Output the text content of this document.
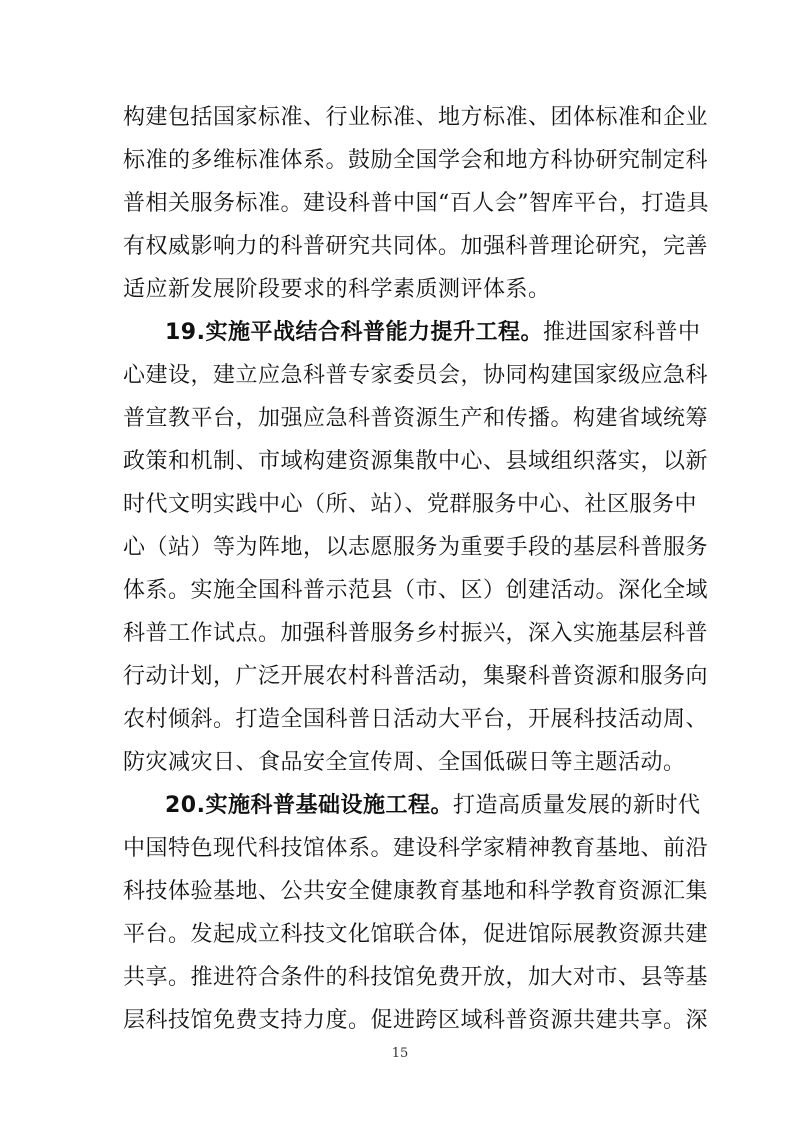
构建包括国家标准、行业标准、地方标准、团体标准和企业
标准的多维标准体系。鼓励全国学会和地方科协研究制定科
普相关服务标准。建设科普中国“百人会”智库平台，打造具
有权威影响力的科普研究共同体。加强科普理论研究，完善
适应新发展阶段要求的科学素质测评体系。
19.实施平战结合科普能力提升工程。推进国家科普中
心建设，建立应急科普专家委员会，协同构建国家级应急科
普宣教平台，加强应急科普资源生产和传播。构建省域统筹
政策和机制、市域构建资源集散中心、县域组织落实，以新
时代文明实践中心（所、站）、党群服务中心、社区服务中
心（站）等为阵地，以志愿服务为重要手段的基层科普服务
体系。实施全国科普示范县（市、区）创建活动。深化全域
科普工作试点。加强科普服务乡村振兴，深入实施基层科普
行动计划，广泛开展农村科普活动，集聚科普资源和服务向
农村倾斜。打造全国科普日活动大平台，开展科技活动周、
防灾减灾日、食品安全宣传周、全国低碳日等主题活动。
20.实施科普基础设施工程。打造高质量发展的新时代
中国特色现代科技馆体系。建设科学家精神教育基地、前沿
科技体验基地、公共安全健康教育基地和科学教育资源汇集
平台。发起成立科技文化馆联合体，促进馆际展教资源共建
共享。推进符合条件的科技馆免费开放，加大对市、县等基
层科技馆免费支持力度。促进跨区域科普资源共建共享。深
15
